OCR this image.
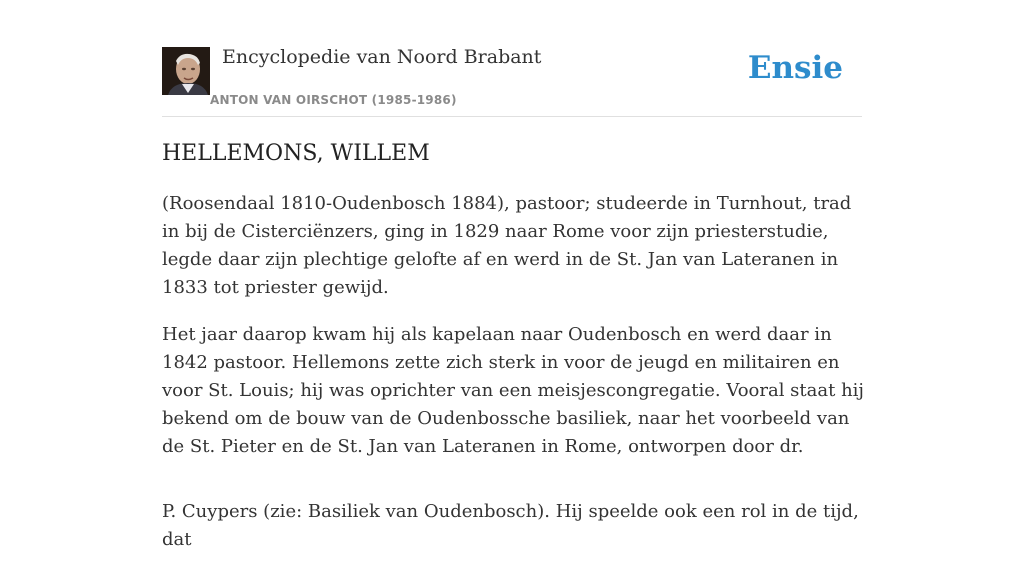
Encyclopedie van Noord Brabant
ANTON VAN OIRSCHOT (1985-1986)
Ensie
HELLEMONS, WILLEM

(Roosendaal 1810-Oudenbosch 1884), pastoor; studeerde in Turnhout, trad in bij de Cisterciënzers, ging in 1829 naar Rome voor zijn priesterstudie, legde daar zijn plechtige gelofte af en werd in de St. Jan van Lateranen in 1833 tot priester gewijd.

Het jaar daarop kwam hij als kapelaan naar Oudenbosch en werd daar in 1842 pastoor. Hellemons zette zich sterk in voor de jeugd en militairen en voor St. Louis; hij was oprichter van een meisjescongregatie. Vooral staat hij bekend om de bouw van de Oudenbossche basiliek, naar het voorbeeld van de St. Pieter en de St. Jan van Lateranen in Rome, ontworpen door dr.

P. Cuypers (zie: Basiliek van Oudenbosch). Hij speelde ook een rol in de tijd, dat
